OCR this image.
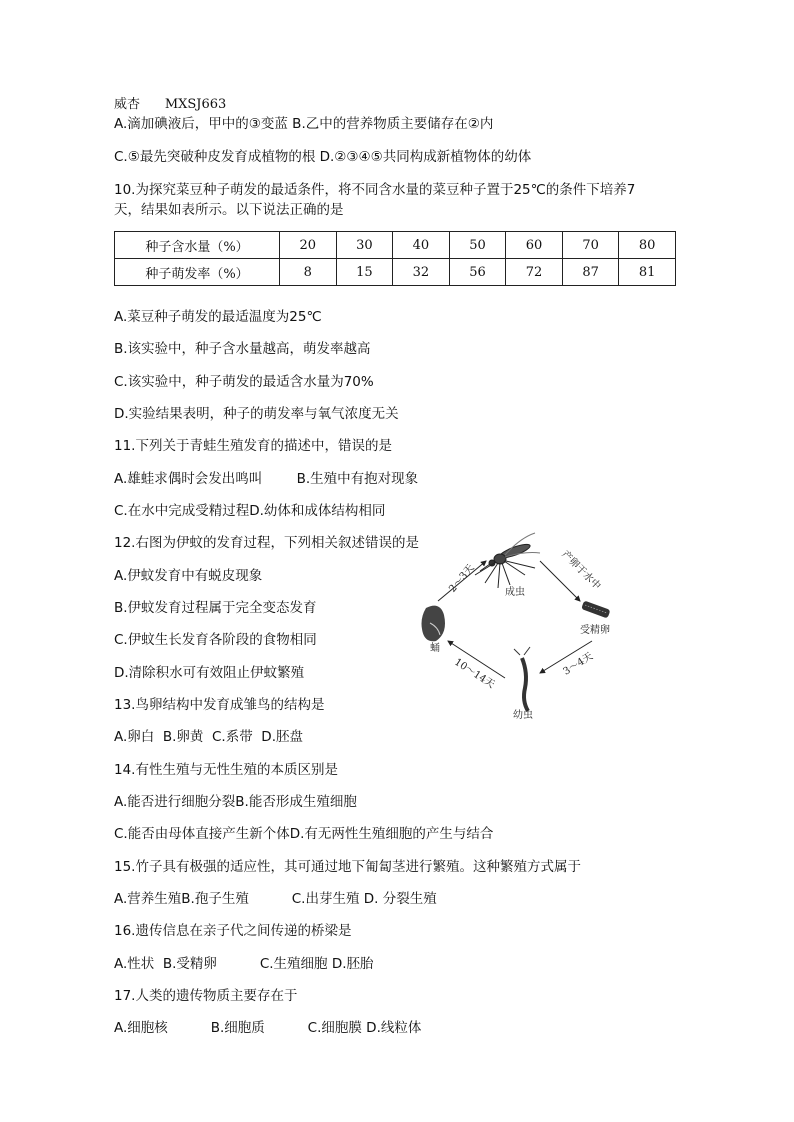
威杏 MXSJ663
A.滴加碘液后，甲中的③变蓝 B.乙中的营养物质主要储存在②内
C.⑤最先突破种皮发育成植物的根 D.②③④⑤共同构成新植物体的幼体
10.为探究菜豆种子萌发的最适条件，将不同含水量的菜豆种子置于25℃的条件下培养7
天，结果如表所示。以下说法正确的是
种子含水量（%）	20	30	40	50	60	70	80
种子萌发率（%）	8	15	32	56	72	87	81
A.菜豆种子萌发的最适温度为25℃
B.该实验中，种子含水量越高，萌发率越高
C.该实验中，种子萌发的最适含水量为70%
D.实验结果表明，种子的萌发率与氧气浓度无关
11.下列关于青蛙生殖发育的描述中，错误的是
A.雄蛙求偶时会发出鸣叫        B.生殖中有抱对现象
C.在水中完成受精过程D.幼体和成体结构相同
12.右图为伊蚊的发育过程，下列相关叙述错误的是
A.伊蚊发育中有蜕皮现象
B.伊蚊发育过程属于完全变态发育
C.伊蚊生长发育各阶段的食物相同
D.清除积水可有效阻止伊蚊繁殖
成虫
受精卵
幼虫
蛹
产卵于水中
3～4天
10～14天
2～3天
13.鸟卵结构中发育成雏鸟的结构是
A.卵白  B.卵黄  C.系带  D.胚盘
14.有性生殖与无性生殖的本质区别是
A.能否进行细胞分裂B.能否形成生殖细胞
C.能否由母体直接产生新个体D.有无两性生殖细胞的产生与结合
15.竹子具有极强的适应性，其可通过地下匍匐茎进行繁殖。这种繁殖方式属于
A.营养生殖B.孢子生殖          C.出芽生殖 D. 分裂生殖
16.遗传信息在亲子代之间传递的桥梁是
A.性状  B.受精卵          C.生殖细胞 D.胚胎
17.人类的遗传物质主要存在于
A.细胞核          B.细胞质          C.细胞膜 D.线粒体
